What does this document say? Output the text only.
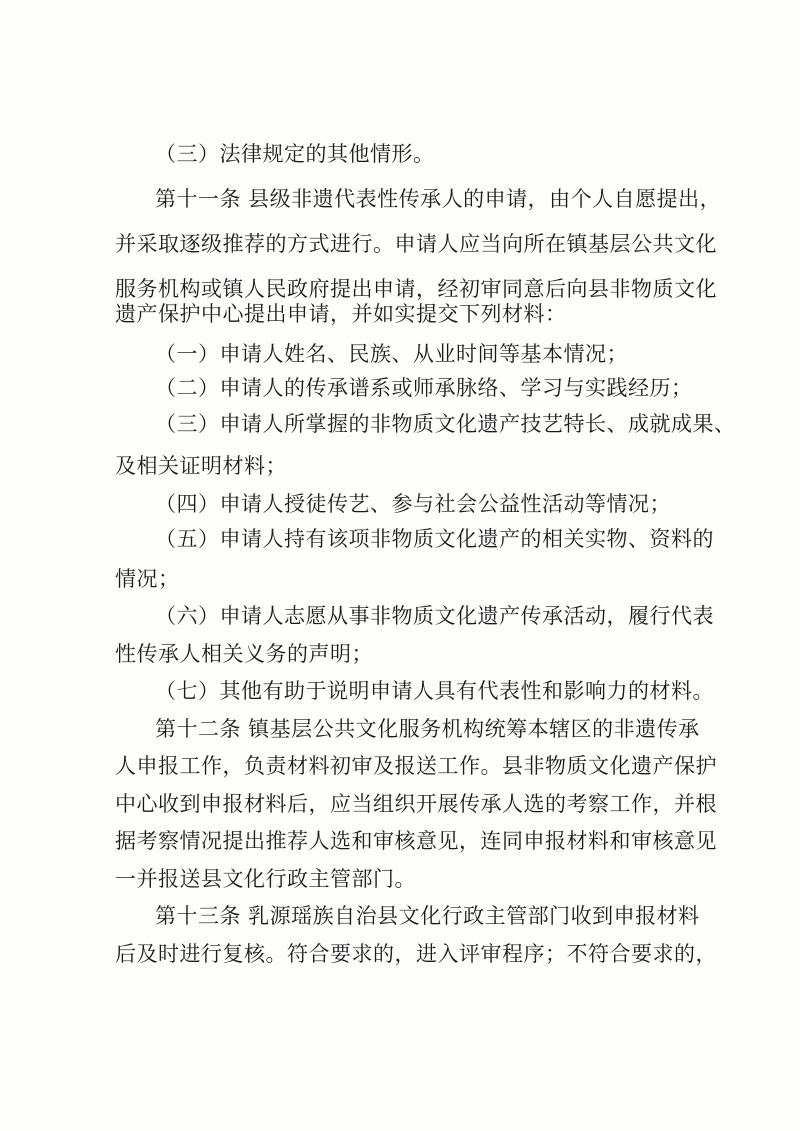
（三）法律规定的其他情形。
第十一条 县级非遗代表性传承人的申请，由个人自愿提出，
并采取逐级推荐的方式进行。申请人应当向所在镇基层公共文化
服务机构或镇人民政府提出申请，经初审同意后向县非物质文化
遗产保护中心提出申请，并如实提交下列材料：
（一）申请人姓名、民族、从业时间等基本情况；
（二）申请人的传承谱系或师承脉络、学习与实践经历；
（三）申请人所掌握的非物质文化遗产技艺特长、成就成果、
及相关证明材料；
（四）申请人授徒传艺、参与社会公益性活动等情况；
（五）申请人持有该项非物质文化遗产的相关实物、资料的
情况；
（六）申请人志愿从事非物质文化遗产传承活动，履行代表
性传承人相关义务的声明；
（七）其他有助于说明申请人具有代表性和影响力的材料。
第十二条 镇基层公共文化服务机构统筹本辖区的非遗传承
人申报工作，负责材料初审及报送工作。县非物质文化遗产保护
中心收到申报材料后，应当组织开展传承人选的考察工作，并根
据考察情况提出推荐人选和审核意见，连同申报材料和审核意见
一并报送县文化行政主管部门。
第十三条 乳源瑶族自治县文化行政主管部门收到申报材料
后及时进行复核。符合要求的，进入评审程序；不符合要求的，
